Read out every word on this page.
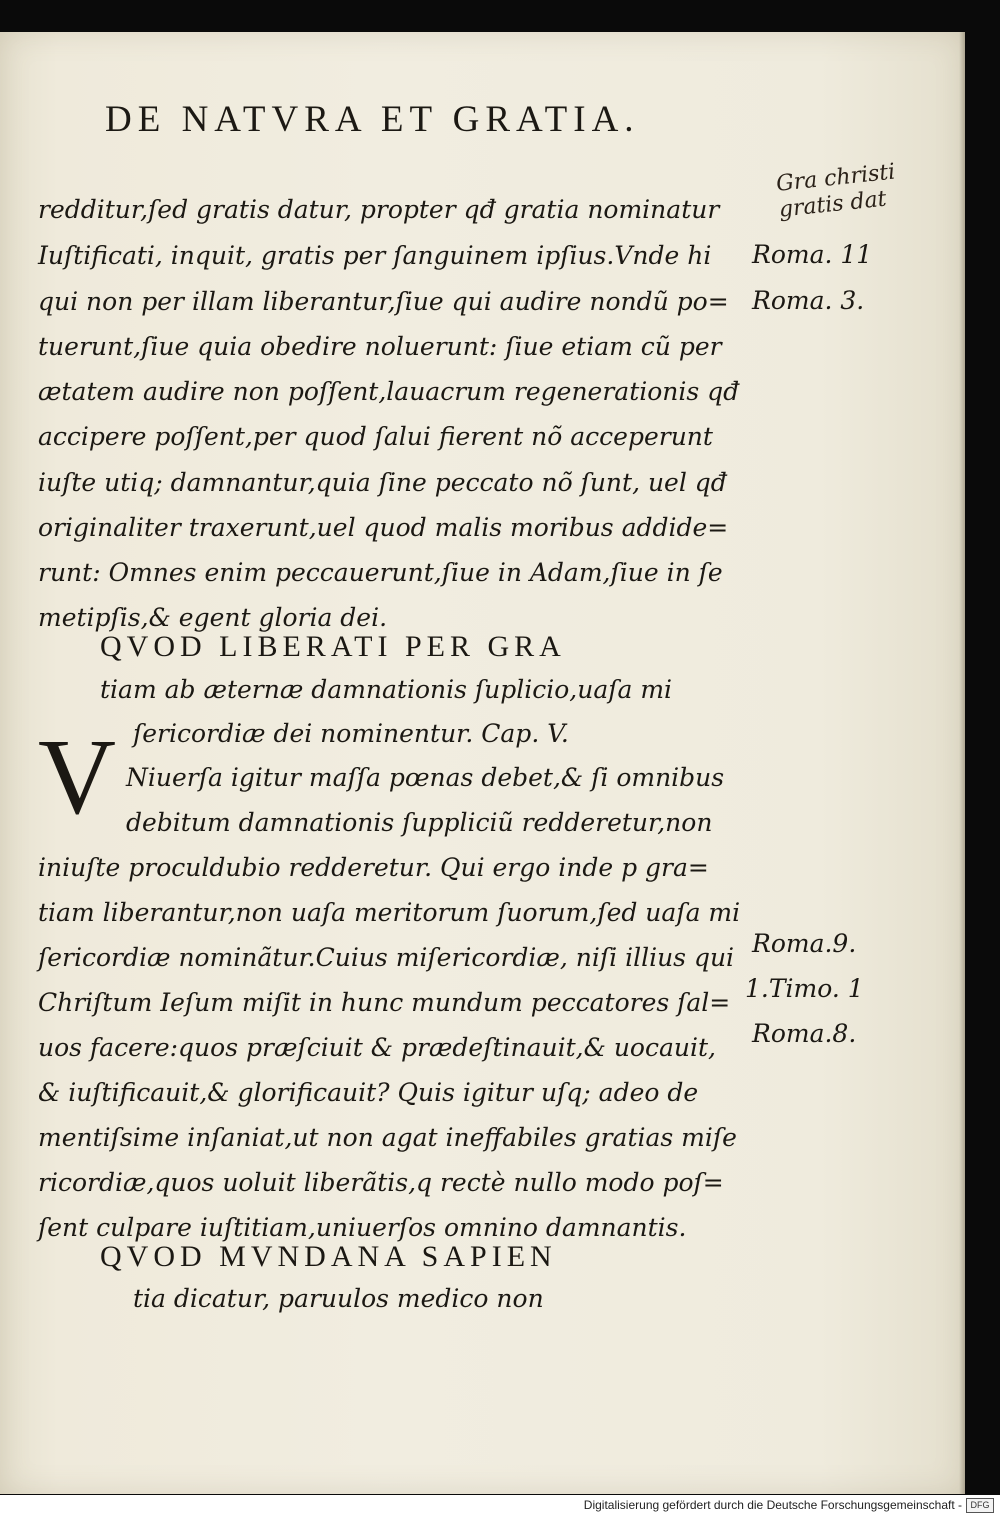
DE NATVRA ET GRATIA.
Gra christi
gratis dat
redditur,ſed gratis datur, propter qđ gratia nominatur
Iuſtificati, inquit, gratis per ſanguinem ipſius.Vnde hi
qui non per illam liberantur,ſiue qui audire nondũ po=
tuerunt,ſiue quia obedire noluerunt: ſiue etiam cũ per
ætatem audire non poſſent,lauacrum regenerationis qđ
accipere poſſent,per quod ſalui fierent nõ acceperunt
iuſte utiq; damnantur,quia ſine peccato nõ ſunt, uel qđ
originaliter traxerunt,uel quod malis moribus addide=
runt: Omnes enim peccauerunt,ſiue in Adam,ſiue in ſe
metipſis,& egent gloria dei.
QVOD LIBERATI PER GRA
tiam ab æternæ damnationis ſuplicio,uaſa mi
ſericordiæ dei nominentur. Cap. V.
Niuerſa igitur maſſa pœnas debet,& ſi omnibus
debitum damnationis ſuppliciũ redderetur,non
iniuſte proculdubio redderetur. Qui ergo inde p gra=
tiam liberantur,non uaſa meritorum ſuorum,ſed uaſa mi
ſericordiæ nominãtur.Cuius miſericordiæ, niſi illius qui
Chriſtum Ieſum miſit in hunc mundum peccatores ſal=
uos facere:quos præſciuit & prædeſtinauit,& uocauit,
& iuſtificauit,& glorificauit? Quis igitur uſq; adeo de
mentiſsime inſaniat,ut non agat ineffabiles gratias miſe
ricordiæ,quos uoluit liberãtis,q rectè nullo modo poſ=
ſent culpare iuſtitiam,uniuerſos omnino damnantis.
QVOD MVNDANA SAPIEN
tia dicatur, paruulos medico non
V
Roma. 11
Roma. 3.
Roma.9.
1.Timo. 1
Roma.8.
Digitalisierung gefördert durch die Deutsche Forschungsgemeinschaft - DFG
